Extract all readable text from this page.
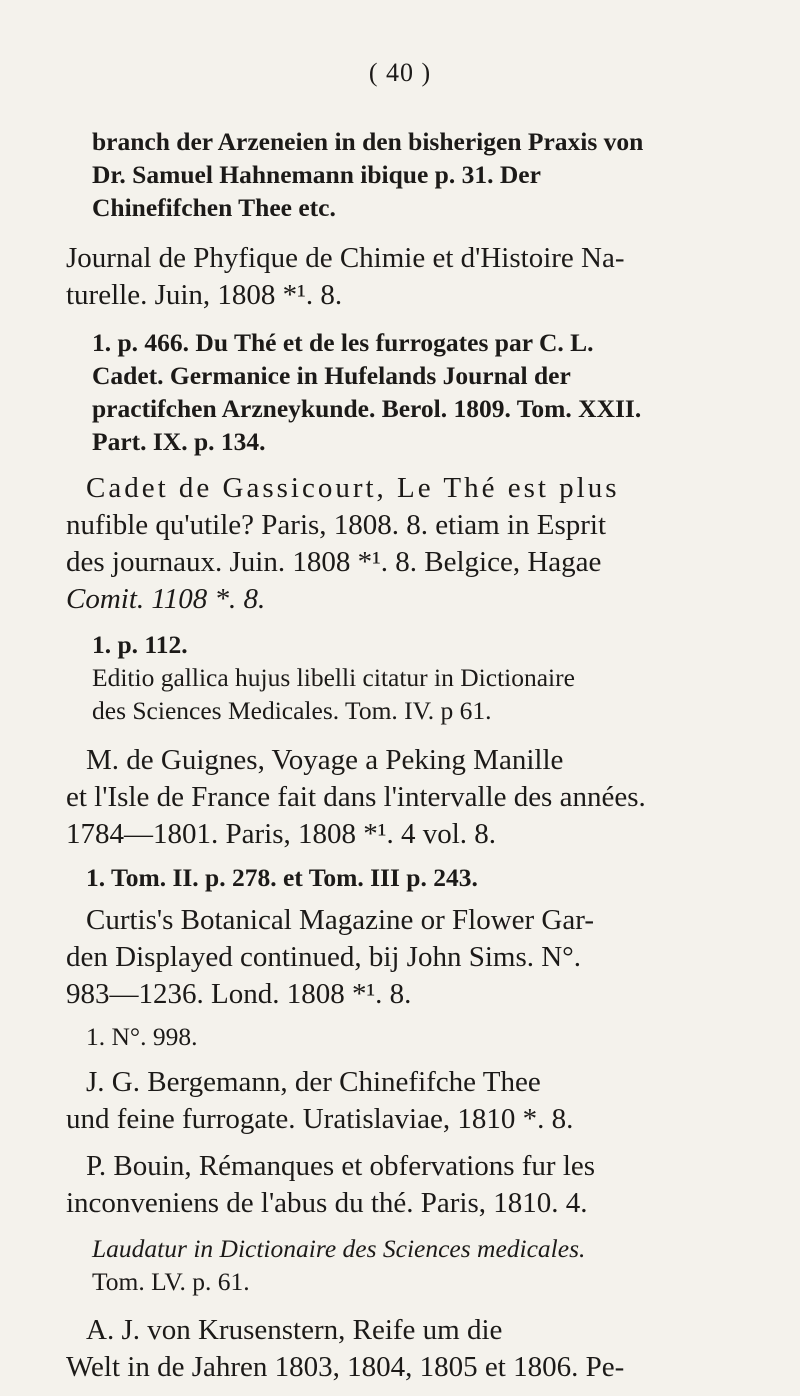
( 40 )
branch der Arzeneien in den bisherigen Praxis von
Dr. Samuel Hahnemann ibique p. 31. Der
Chinefifchen Thee etc.
Journal de Phyfique de Chimie et d'Histoire Na-
turelle. Juin, 1808 *¹. 8.
1. p. 466. Du Thé et de les furrogates par C. L.
Cadet. Germanice in Hufelands Journal der
practifchen Arzneykunde. Berol. 1809. Tom. XXII.
Part. IX. p. 134.
Cadet de Gassicourt, Le Thé est plus
nufible qu'utile? Paris, 1808. 8. etiam in Esprit
des journaux. Juin. 1808 *¹. 8. Belgice, Hagae
Comit. 1108 *. 8.
1. p. 112.
Editio gallica hujus libelli citatur in Dictionaire
des Sciences Medicales. Tom. IV. p 61.
M. de Guignes, Voyage a Peking Manille
et l'Isle de France fait dans l'intervalle des années.
1784—1801. Paris, 1808 *¹. 4 vol. 8.
1. Tom. II. p. 278. et Tom. III p. 243.
Curtis's Botanical Magazine or Flower Gar-
den Displayed continued, bij John Sims. N°.
983—1236. Lond. 1808 *¹. 8.
1. N°. 998.
J. G. Bergemann, der Chinefifche Thee
und feine furrogate. Uratislaviae, 1810 *. 8.
P. Bouin, Rémanques et obfervations fur les
inconveniens de l'abus du thé. Paris, 1810. 4.
Laudatur in Dictionaire des Sciences medicales.
Tom. LV. p. 61.
A. J. von Krusenstern, Reife um die
Welt in de Jahren 1803, 1804, 1805 et 1806. Pe-
